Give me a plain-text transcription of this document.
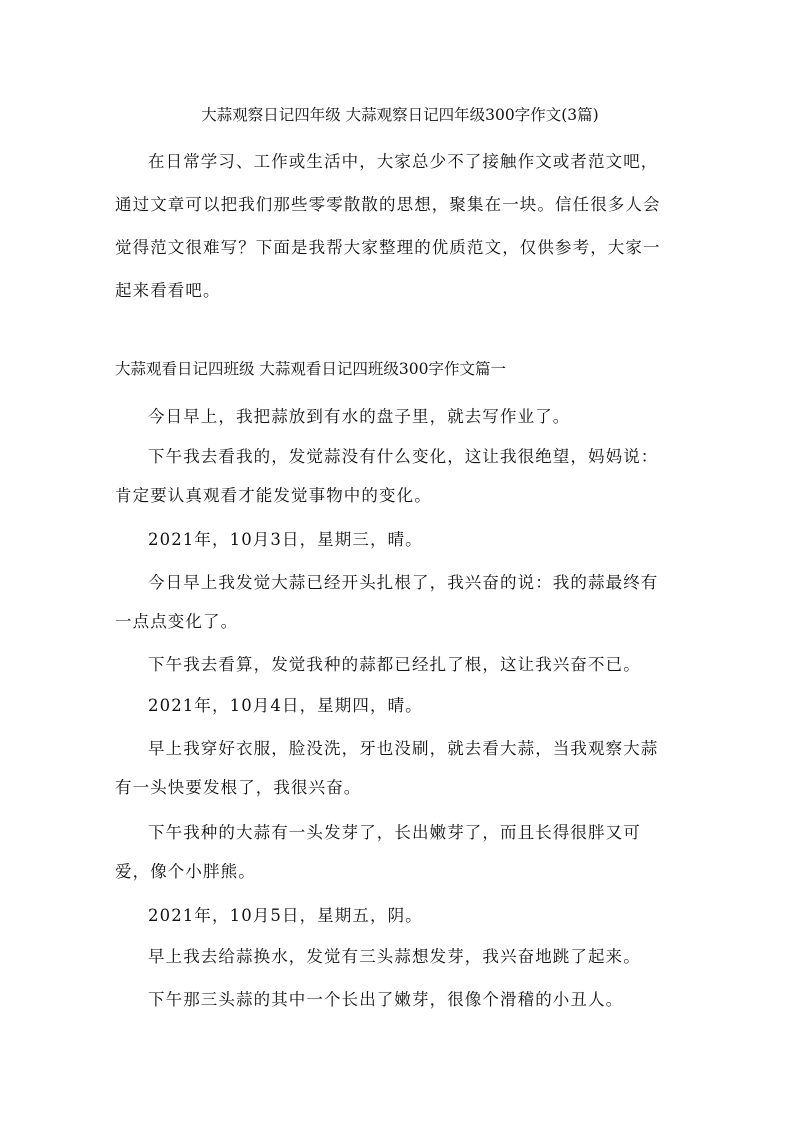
大蒜观察日记四年级 大蒜观察日记四年级300字作文(3篇)

在日常学习、工作或生活中，大家总少不了接触作文或者范文吧，通过文章可以把我们那些零零散散的思想，聚集在一块。信任很多人会觉得范文很难写？下面是我帮大家整理的优质范文，仅供参考，大家一起来看看吧。

大蒜观看日记四班级 大蒜观看日记四班级300字作文篇一

今日早上，我把蒜放到有水的盘子里，就去写作业了。

下午我去看我的，发觉蒜没有什么变化，这让我很绝望，妈妈说：肯定要认真观看才能发觉事物中的变化。

2021年，10月3日，星期三，晴。

今日早上我发觉大蒜已经开头扎根了，我兴奋的说：我的蒜最终有一点点变化了。

下午我去看算，发觉我种的蒜都已经扎了根，这让我兴奋不已。

2021年，10月4日，星期四，晴。

早上我穿好衣服，脸没洗，牙也没刷，就去看大蒜，当我观察大蒜有一头快要发根了，我很兴奋。

下午我种的大蒜有一头发芽了，长出嫩芽了，而且长得很胖又可爱，像个小胖熊。

2021年，10月5日，星期五，阴。

早上我去给蒜换水，发觉有三头蒜想发芽，我兴奋地跳了起来。

下午那三头蒜的其中一个长出了嫩芽，很像个滑稽的小丑人。
